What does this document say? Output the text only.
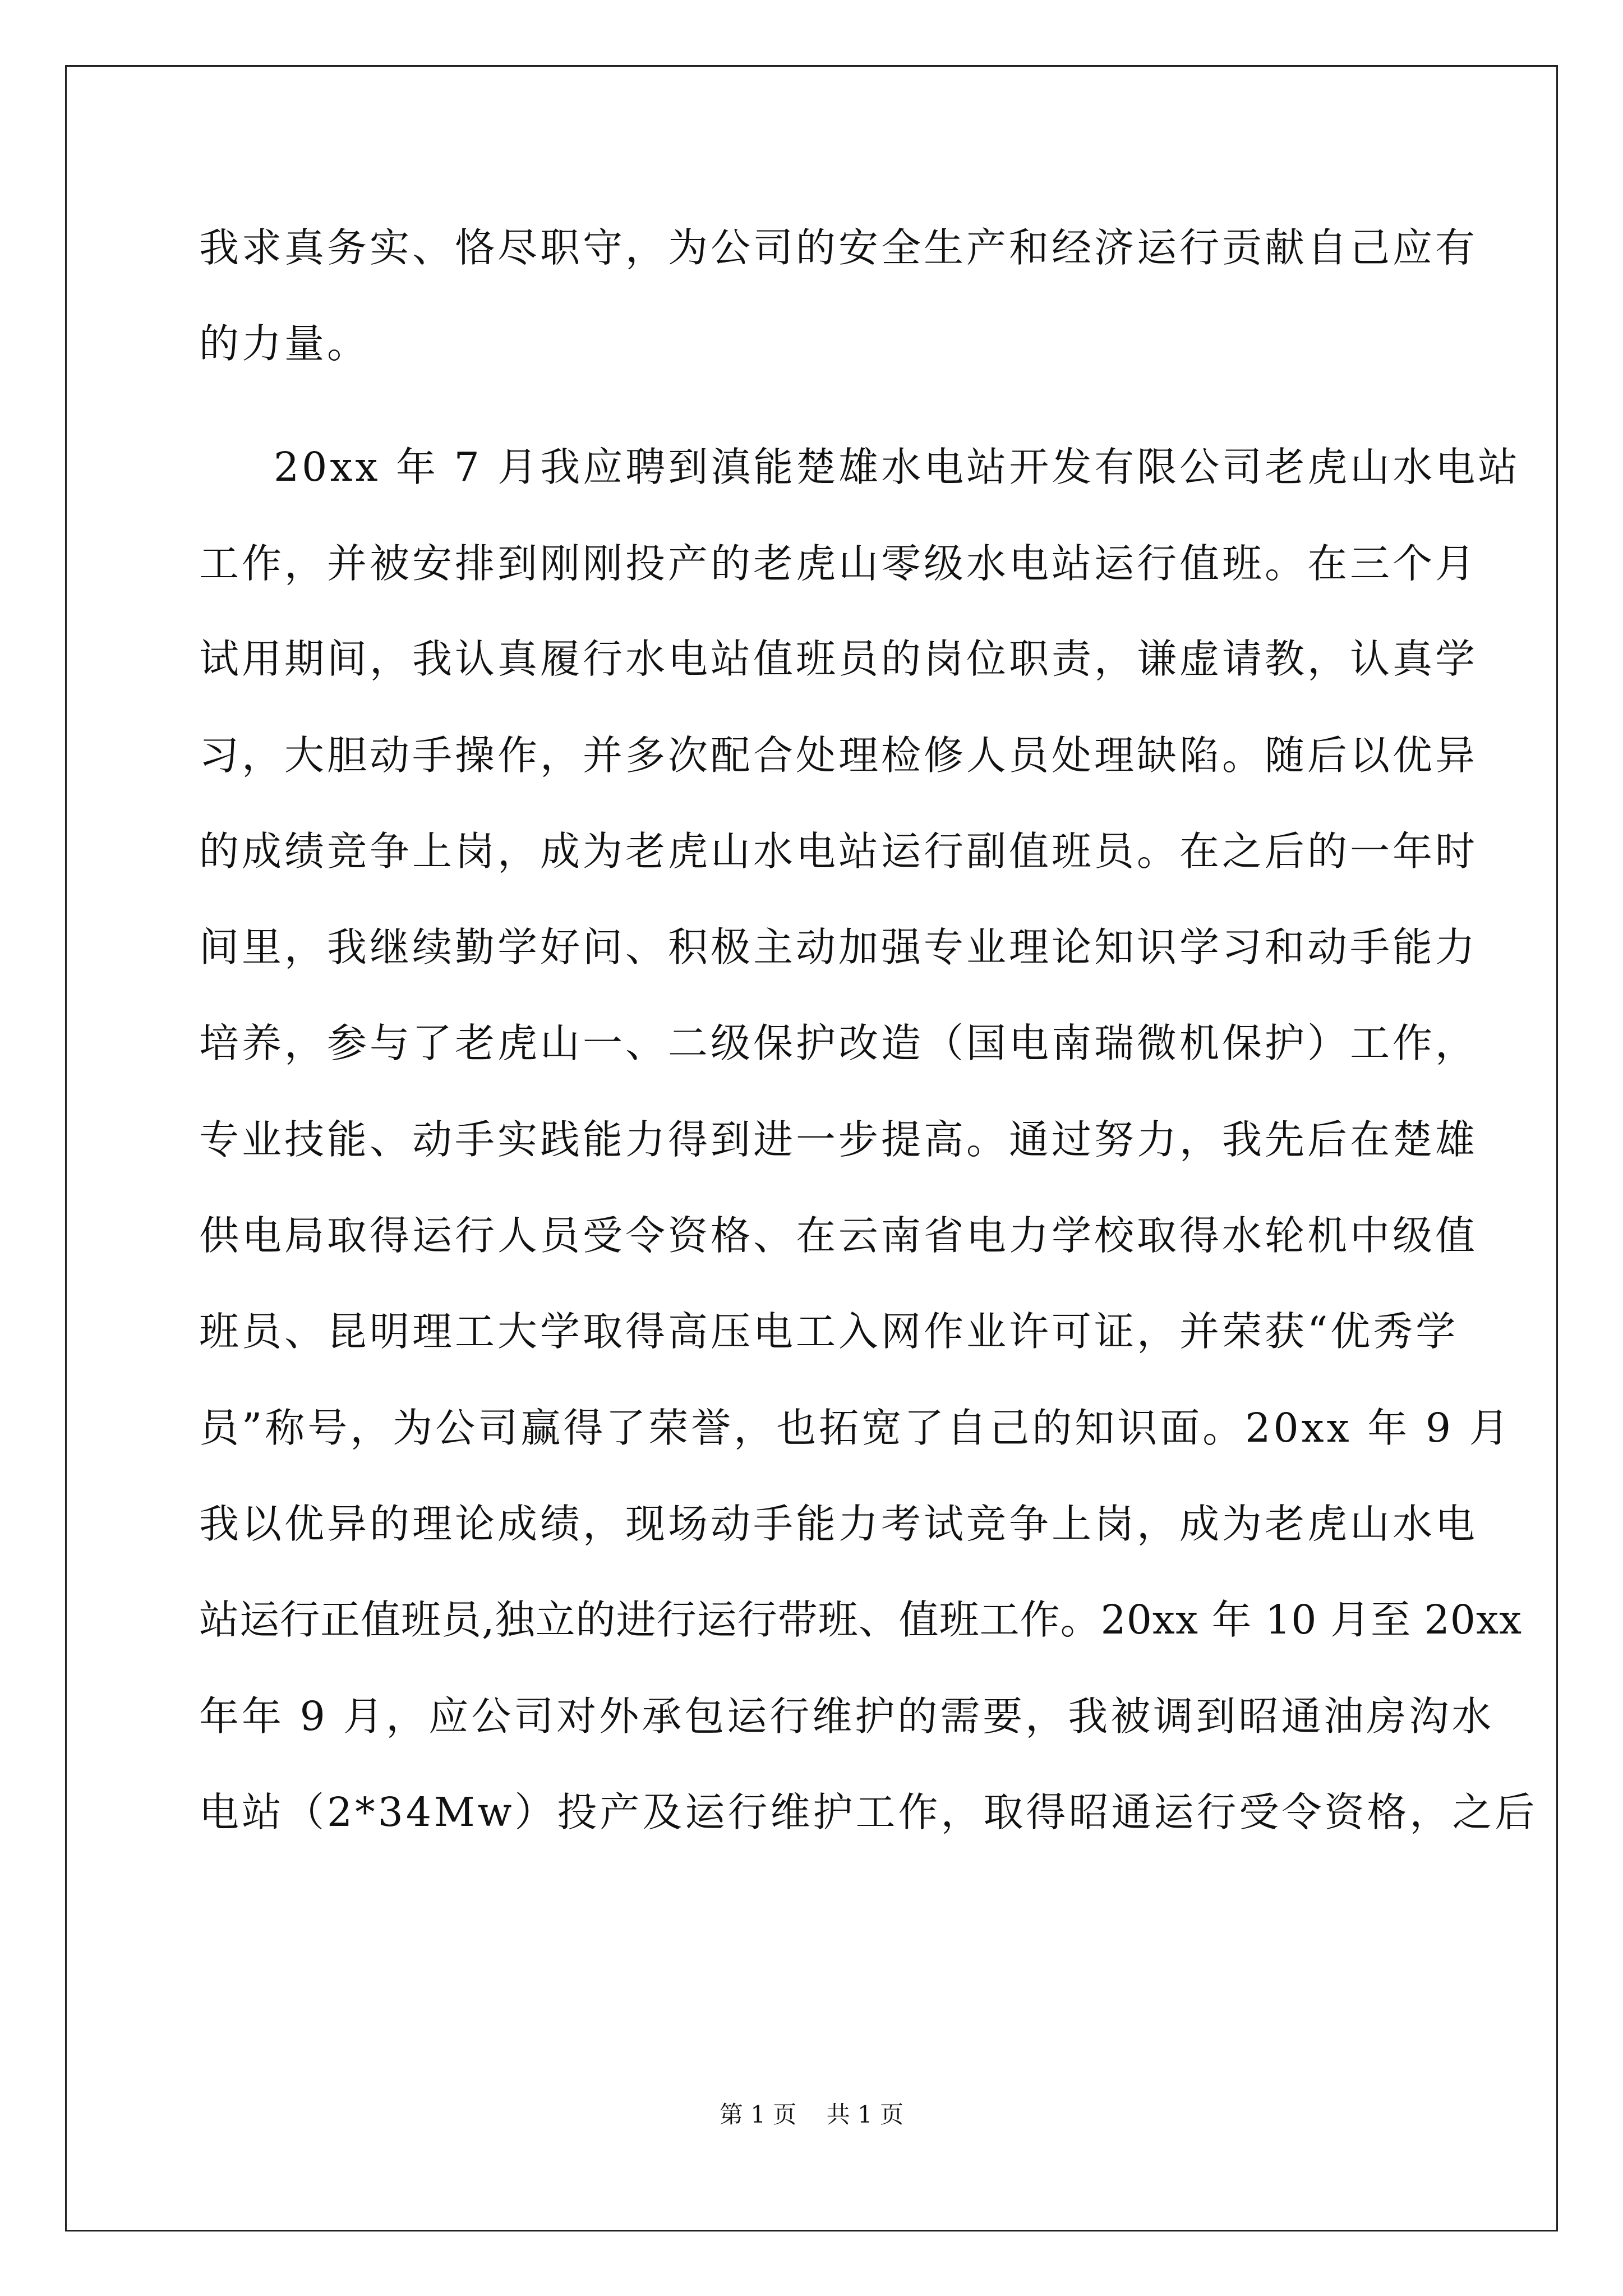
我求真务实、恪尽职守，为公司的安全生产和经济运行贡献自己应有

的力量。

20xx 年 7 月我应聘到滇能楚雄水电站开发有限公司老虎山水电站

工作，并被安排到刚刚投产的老虎山零级水电站运行值班。在三个月

试用期间，我认真履行水电站值班员的岗位职责，谦虚请教，认真学

习，大胆动手操作，并多次配合处理检修人员处理缺陷。随后以优异

的成绩竞争上岗，成为老虎山水电站运行副值班员。在之后的一年时

间里，我继续勤学好问、积极主动加强专业理论知识学习和动手能力

培养，参与了老虎山一、二级保护改造（国电南瑞微机保护）工作，

专业技能、动手实践能力得到进一步提高。通过努力，我先后在楚雄

供电局取得运行人员受令资格、在云南省电力学校取得水轮机中级值

班员、昆明理工大学取得高压电工入网作业许可证，并荣获“优秀学

员”称号，为公司赢得了荣誉，也拓宽了自己的知识面。20xx 年 9 月

我以优异的理论成绩，现场动手能力考试竞争上岗，成为老虎山水电

站运行正值班员,独立的进行运行带班、值班工作。20xx 年 10 月至 20xx

年年 9 月，应公司对外承包运行维护的需要，我被调到昭通油房沟水

电站（2*34Mw）投产及运行维护工作，取得昭通运行受令资格，之后

第 1 页    共 1 页
